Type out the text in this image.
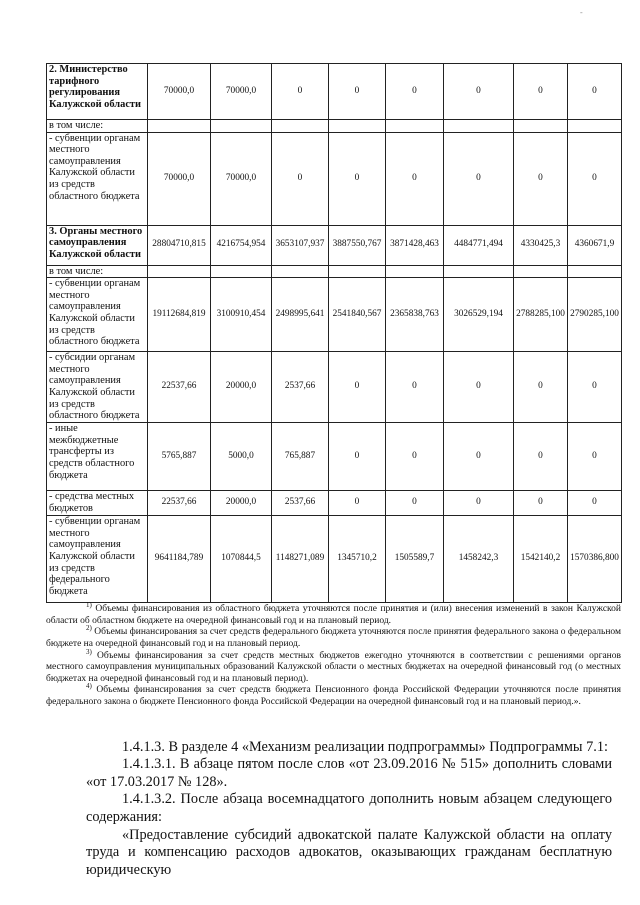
-
2. Министерство тарифного регулирования Калужской области	70000,0	70000,0	0	0	0	0	0	0
в том числе:								
- субвенции органам местного самоуправления Калужской области из средств областного бюджета	70000,0	70000,0	0	0	0	0	0	0
3. Органы местного самоуправления Калужской области	28804710,815	4216754,954	3653107,937	3887550,767	3871428,463	4484771,494	4330425,3	4360671,9
в том числе:								
- субвенции органам местного самоуправления Калужской области из средств областного бюджета	19112684,819	3100910,454	2498995,641	2541840,567	2365838,763	3026529,194	2788285,100	2790285,100
- субсидии органам местного самоуправления Калужской области из средств областного бюджета	22537,66	20000,0	2537,66	0	0	0	0	0
- иные межбюджетные трансферты из средств областного бюджета	5765,887	5000,0	765,887	0	0	0	0	0
- средства местных бюджетов	22537,66	20000,0	2537,66	0	0	0	0	0
- субвенции органам местного самоуправления Калужской области из средств федерального бюджета	9641184,789	1070844,5	1148271,089	1345710,2	1505589,7	1458242,3	1542140,2	1570386,800

$^{1)}$ Объемы финансирования из областного бюджета уточняются после принятия и (или) внесения изменений в закон Калужской области об областном бюджете на очередной финансовый год и на плановый период.

$^{2)}$ Объемы финансирования за счет средств федерального бюджета уточняются после принятия федерального закона о федеральном бюджете на очередной финансовый год и на плановый период.

$^{3)}$ Объемы финансирования за счет средств местных бюджетов ежегодно уточняются в соответствии с решениями органов местного самоуправления муниципальных образований Калужской области о местных бюджетах на очередной финансовый год (о местных бюджетах на очередной финансовый год и на плановый период).

$^{4)}$ Объемы финансирования за счет средств бюджета Пенсионного фонда Российской Федерации уточняются после принятия федерального закона о бюджете Пенсионного фонда Российской Федерации на очередной финансовый год и на плановый период.».

1.4.1.3. В разделе 4 «Механизм реализации подпрограммы» Подпрограммы 7.1:

1.4.1.3.1. В абзаце пятом после слов «от 23.09.2016 № 515» дополнить словами «от 17.03.2017 № 128».

1.4.1.3.2. После абзаца восемнадцатого дополнить новым абзацем следующего содержания:

«Предоставление субсидий адвокатской палате Калужской области на оплату труда и компенсацию расходов адвокатов, оказывающих гражданам бесплатную юридическую
